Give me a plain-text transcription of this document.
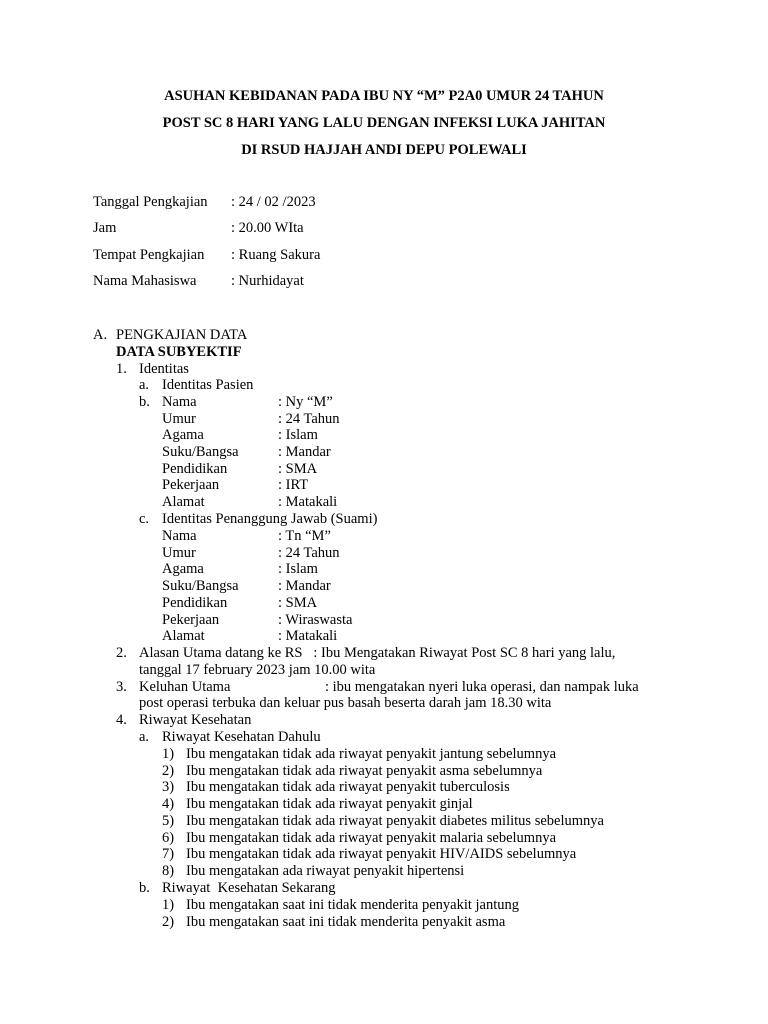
ASUHAN KEBIDANAN PADA IBU NY “M” P2A0 UMUR 24 TAHUN
POST SC 8 HARI YANG LALU DENGAN INFEKSI LUKA JAHITAN
DI RSUD HAJJAH ANDI DEPU POLEWALI
Tanggal Pengkajian : 24 / 02 /2023
Jam	: 20.00 WIta
Tempat Pengkajian : Ruang Sakura
Nama Mahasiswa : Nurhidayat
A. PENGKAJIAN DATA
DATA SUBYEKTIF
1. Identitas
a. Identitas Pasien
b. Nama	: Ny “M”
Umur	: 24 Tahun
Agama	: Islam
Suku/Bangsa	: Mandar
Pendidikan	: SMA
Pekerjaan	: IRT
Alamat	: Matakali
c. Identitas Penanggung Jawab (Suami)
Nama	: Tn “M”
Umur	: 24 Tahun
Agama	: Islam
Suku/Bangsa	: Mandar
Pendidikan	: SMA
Pekerjaan	: Wiraswasta
Alamat	: Matakali
2. Alasan Utama datang ke RS   : Ibu Mengatakan Riwayat Post SC 8 hari yang lalu,
tanggal 17 february 2023 jam 10.00 wita
3. Keluhan Utama	: ibu mengatakan nyeri luka operasi, dan nampak luka
post operasi terbuka dan keluar pus basah beserta darah jam 18.30 wita
4. Riwayat Kesehatan
a. Riwayat Kesehatan Dahulu
1) Ibu mengatakan tidak ada riwayat penyakit jantung sebelumnya
2) Ibu mengatakan tidak ada riwayat penyakit asma sebelumnya
3) Ibu mengatakan tidak ada riwayat penyakit tuberculosis
4) Ibu mengatakan tidak ada riwayat penyakit ginjal
5) Ibu mengatakan tidak ada riwayat penyakit diabetes militus sebelumnya
6) Ibu mengatakan tidak ada riwayat penyakit malaria sebelumnya
7) Ibu mengatakan tidak ada riwayat penyakit HIV/AIDS sebelumnya
8) Ibu mengatakan ada riwayat penyakit hipertensi
b. Riwayat  Kesehatan Sekarang
1) Ibu mengatakan saat ini tidak menderita penyakit jantung
2) Ibu mengatakan saat ini tidak menderita penyakit asma
